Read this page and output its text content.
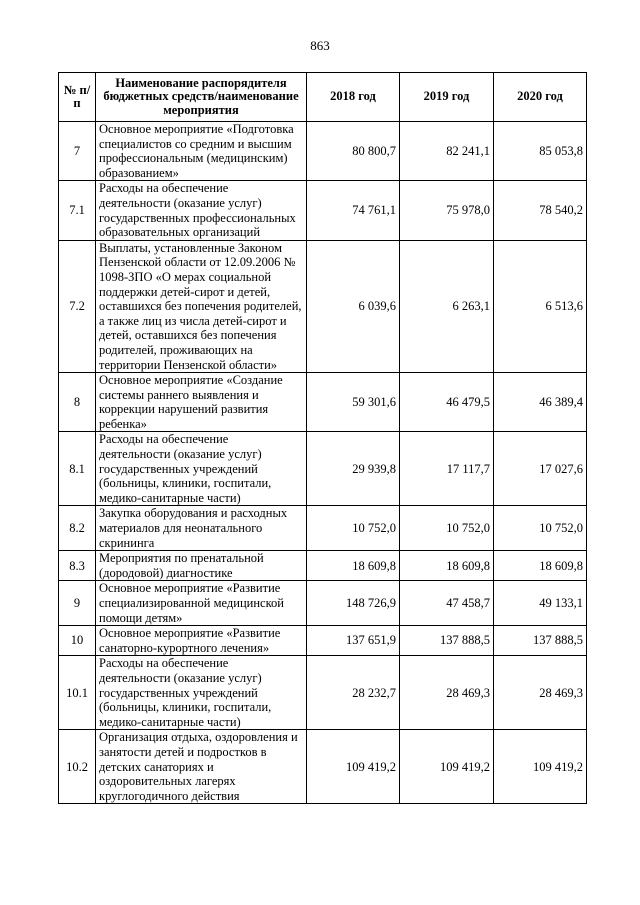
863
№ п/п	Наименование распорядителя бюджетных средств/наименование мероприятия	2018 год	2019 год	2020 год
7	Основное мероприятие «Подготовка специалистов со средним и высшим профессиональным (медицинским) образованием»	80 800,7	82 241,1	85 053,8
7.1	Расходы на обеспечение деятельности (оказание услуг) государственных профессиональных образовательных организаций	74 761,1	75 978,0	78 540,2
7.2	Выплаты, установленные Законом Пензенской области от 12.09.2006 № 1098-ЗПО «О мерах социальной поддержки детей-сирот и детей, оставшихся без попечения родителей, а также лиц из числа детей-сирот и детей, оставшихся без попечения родителей, проживающих на территории Пензенской области»	6 039,6	6 263,1	6 513,6
8	Основное мероприятие «Создание системы раннего выявления и коррекции нарушений развития ребенка»	59 301,6	46 479,5	46 389,4
8.1	Расходы на обеспечение деятельности (оказание услуг) государственных учреждений (больницы, клиники, госпитали, медико-санитарные части)	29 939,8	17 117,7	17 027,6
8.2	Закупка оборудования и расходных материалов для неонатального скрининга	10 752,0	10 752,0	10 752,0
8.3	Мероприятия по пренатальной (дородовой) диагностике	18 609,8	18 609,8	18 609,8
9	Основное мероприятие «Развитие специализированной медицинской помощи детям»	148 726,9	47 458,7	49 133,1
10	Основное мероприятие «Развитие санаторно-курортного лечения»	137 651,9	137 888,5	137 888,5
10.1	Расходы на обеспечение деятельности (оказание услуг) государственных учреждений (больницы, клиники, госпитали, медико-санитарные части)	28 232,7	28 469,3	28 469,3
10.2	Организация отдыха, оздоровления и занятости детей и подростков в детских санаториях и оздоровительных лагерях круглогодичного действия	109 419,2	109 419,2	109 419,2
